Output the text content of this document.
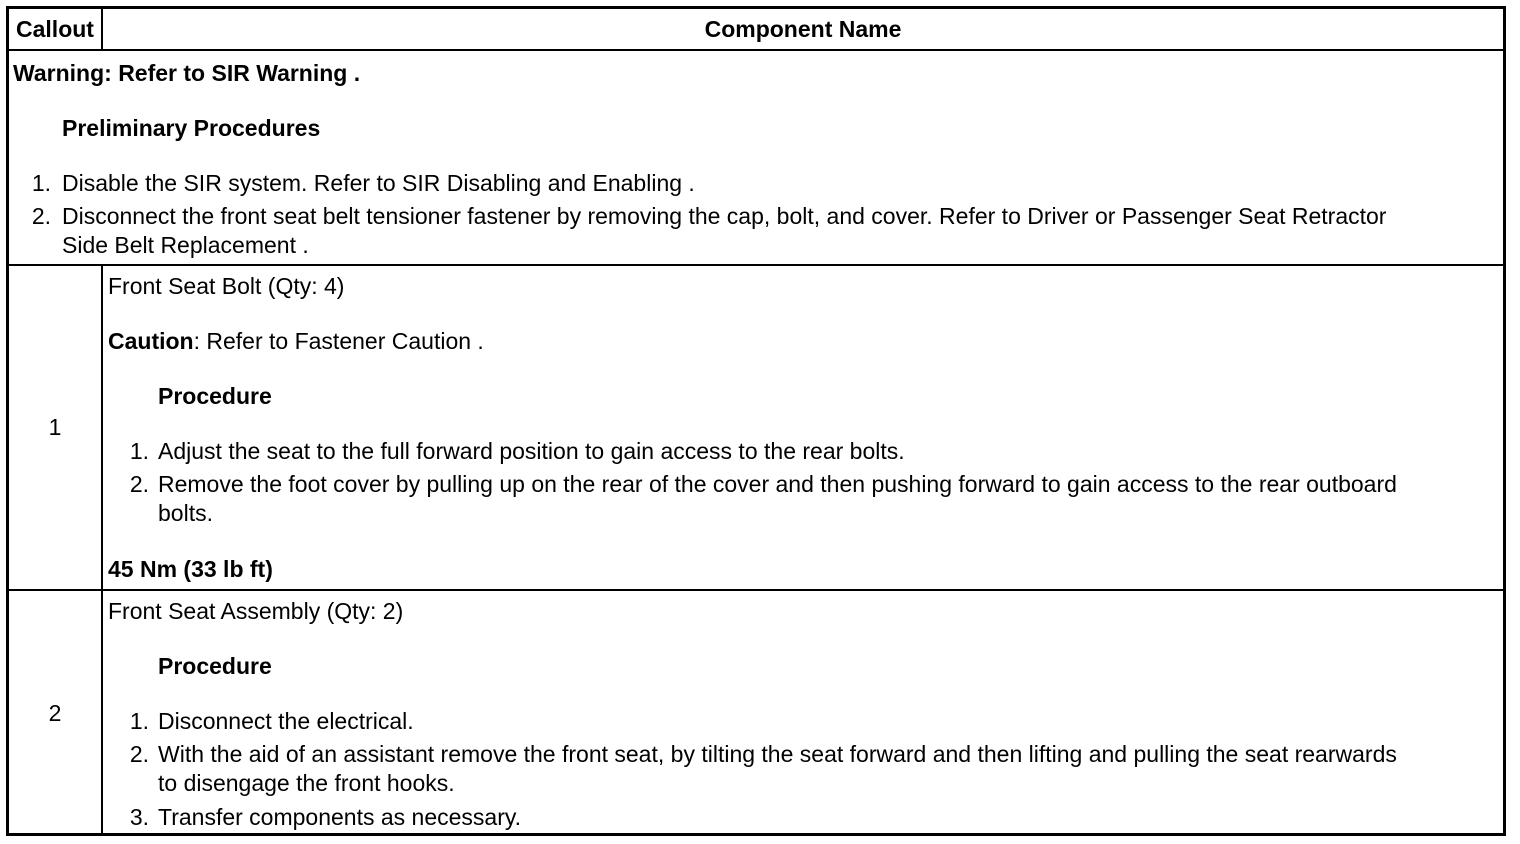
Callout	Component Name
Warning: Refer to SIR Warning .
Preliminary Procedures
1. Disable the SIR system. Refer to SIR Disabling and Enabling .
2. Disconnect the front seat belt tensioner fastener by removing the cap, bolt, and cover. Refer to Driver or Passenger Seat Retractor Side Belt Replacement .
1
Front Seat Bolt (Qty: 4)
Caution: Refer to Fastener Caution .
Procedure
1. Adjust the seat to the full forward position to gain access to the rear bolts.
2. Remove the foot cover by pulling up on the rear of the cover and then pushing forward to gain access to the rear outboard bolts.
45 Nm (33 lb ft)
2
Front Seat Assembly (Qty: 2)
Procedure
1. Disconnect the electrical.
2. With the aid of an assistant remove the front seat, by tilting the seat forward and then lifting and pulling the seat rearwards to disengage the front hooks.
3. Transfer components as necessary.
